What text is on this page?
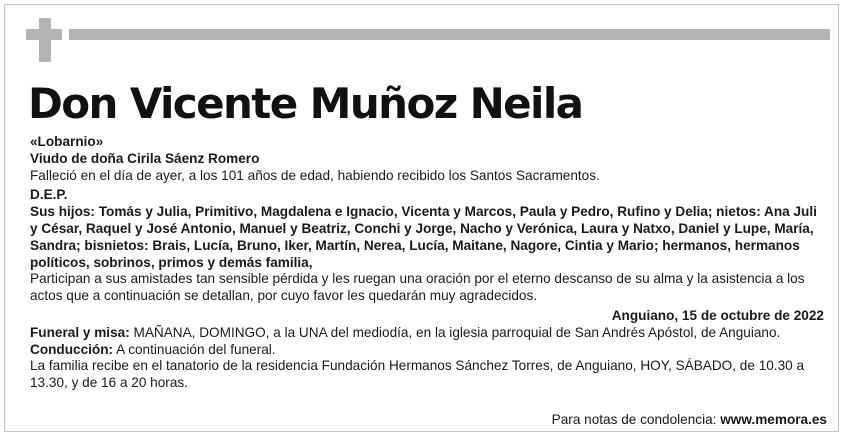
Don Vicente Muñoz Neila

«Lobarnio»

Viudo de doña Cirila Sáenz Romero

Falleció en el día de ayer, a los 101 años de edad, habiendo recibido los Santos Sacramentos.

D.E.P.

Sus hijos: Tomás y Julia, Primitivo, Magdalena e Ignacio, Vicenta y Marcos, Paula y Pedro, Rufino y Delia; nietos: Ana Juli y César, Raquel y José Antonio, Manuel y Beatriz, Conchi y Jorge, Nacho y Verónica, Laura y Natxo, Daniel y Lupe, María, Sandra; bisnietos: Brais, Lucía, Bruno, Iker, Martín, Nerea, Lucía, Maitane, Nagore, Cintia y Mario; hermanos, hermanos políticos, sobrinos, primos y demás familia,

Participan a sus amistades tan sensible pérdida y les ruegan una oración por el eterno descanso de su alma y la asistencia a los actos que a continuación se detallan, por cuyo favor les quedarán muy agradecidos.

Anguiano, 15 de octubre de 2022

Funeral y misa: MAÑANA, DOMINGO, a la UNA del mediodía, en la iglesia parroquial de San Andrés Apóstol, de Anguiano.

Conducción: A continuación del funeral.

La familia recibe en el tanatorio de la residencia Fundación Hermanos Sánchez Torres, de Anguiano, HOY, SÁBADO, de 10.30 a 13.30, y de 16 a 20 horas.

Para notas de condolencia: www.memora.es
